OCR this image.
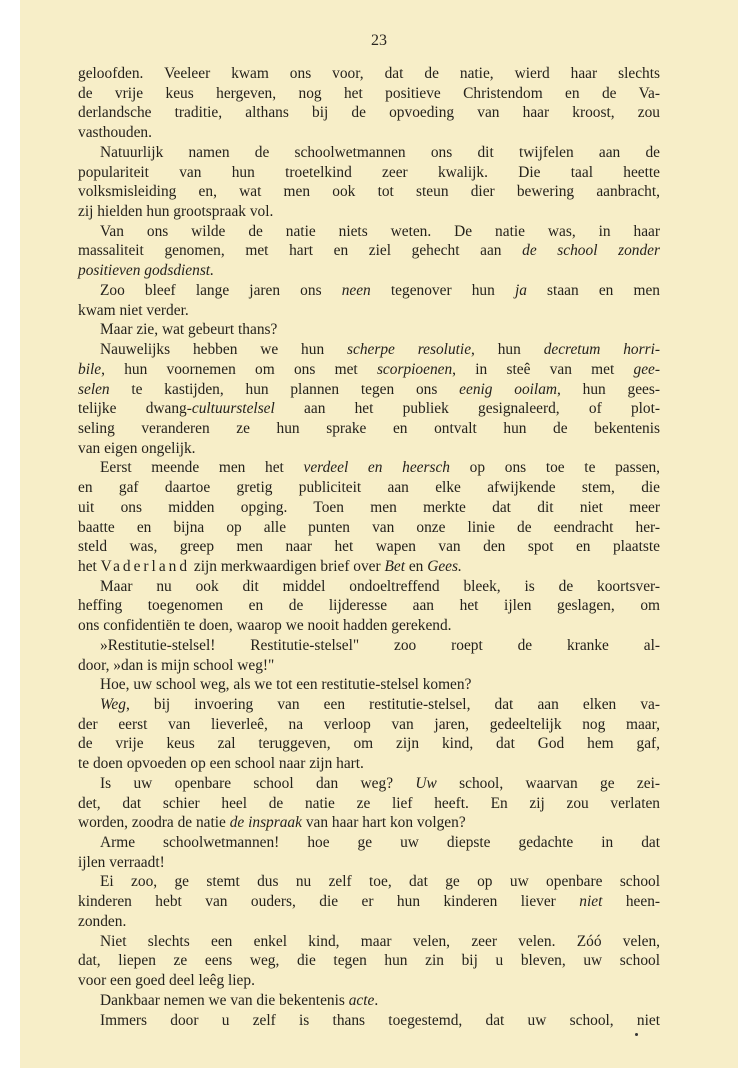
23
geloofden. Veeleer kwam ons voor, dat de natie, wierd haar slechts
de vrije keus hergeven, nog het positieve Christendom en de Va-
derlandsche traditie, althans bij de opvoeding van haar kroost, zou
vasthouden.
Natuurlijk namen de schoolwetmannen ons dit twijfelen aan de
populariteit van hun troetelkind zeer kwalijk. Die taal heette
volksmisleiding en, wat men ook tot steun dier bewering aanbracht,
zij hielden hun grootspraak vol.
Van ons wilde de natie niets weten. De natie was, in haar
massaliteit genomen, met hart en ziel gehecht aan de school zonder
positieven godsdienst.
Zoo bleef lange jaren ons neen tegenover hun ja staan en men
kwam niet verder.
Maar zie, wat gebeurt thans?
Nauwelijks hebben we hun scherpe resolutie, hun decretum horri-
bile, hun voornemen om ons met scorpioenen, in steê van met gee-
selen te kastijden, hun plannen tegen ons eenig ooilam, hun gees-
telijke dwang-cultuurstelsel aan het publiek gesignaleerd, of plot-
seling veranderen ze hun sprake en ontvalt hun de bekentenis
van eigen ongelijk.
Eerst meende men het verdeel en heersch op ons toe te passen,
en gaf daartoe gretig publiciteit aan elke afwijkende stem, die
uit ons midden opging. Toen men merkte dat dit niet meer
baatte en bijna op alle punten van onze linie de eendracht her-
steld was, greep men naar het wapen van den spot en plaatste
het Vaderland zijn merkwaardigen brief over Bet en Gees.
Maar nu ook dit middel ondoeltreffend bleek, is de koortsver-
heffing toegenomen en de lijderesse aan het ijlen geslagen, om
ons confidentiën te doen, waarop we nooit hadden gerekend.
»Restitutie-stelsel! Restitutie-stelsel" zoo roept de kranke al-
door, »dan is mijn school weg!"
Hoe, uw school weg, als we tot een restitutie-stelsel komen?
Weg, bij invoering van een restitutie-stelsel, dat aan elken va-
der eerst van lieverleê, na verloop van jaren, gedeeltelijk nog maar,
de vrije keus zal teruggeven, om zijn kind, dat God hem gaf,
te doen opvoeden op een school naar zijn hart.
Is uw openbare school dan weg? Uw school, waarvan ge zei-
det, dat schier heel de natie ze lief heeft. En zij zou verlaten
worden, zoodra de natie de inspraak van haar hart kon volgen?
Arme schoolwetmannen! hoe ge uw diepste gedachte in dat
ijlen verraadt!
Ei zoo, ge stemt dus nu zelf toe, dat ge op uw openbare school
kinderen hebt van ouders, die er hun kinderen liever niet heen-
zonden.
Niet slechts een enkel kind, maar velen, zeer velen. Zóó velen,
dat, liepen ze eens weg, die tegen hun zin bij u bleven, uw school
voor een goed deel leêg liep.
Dankbaar nemen we van die bekentenis acte.
Immers door u zelf is thans toegestemd, dat uw school, niet
